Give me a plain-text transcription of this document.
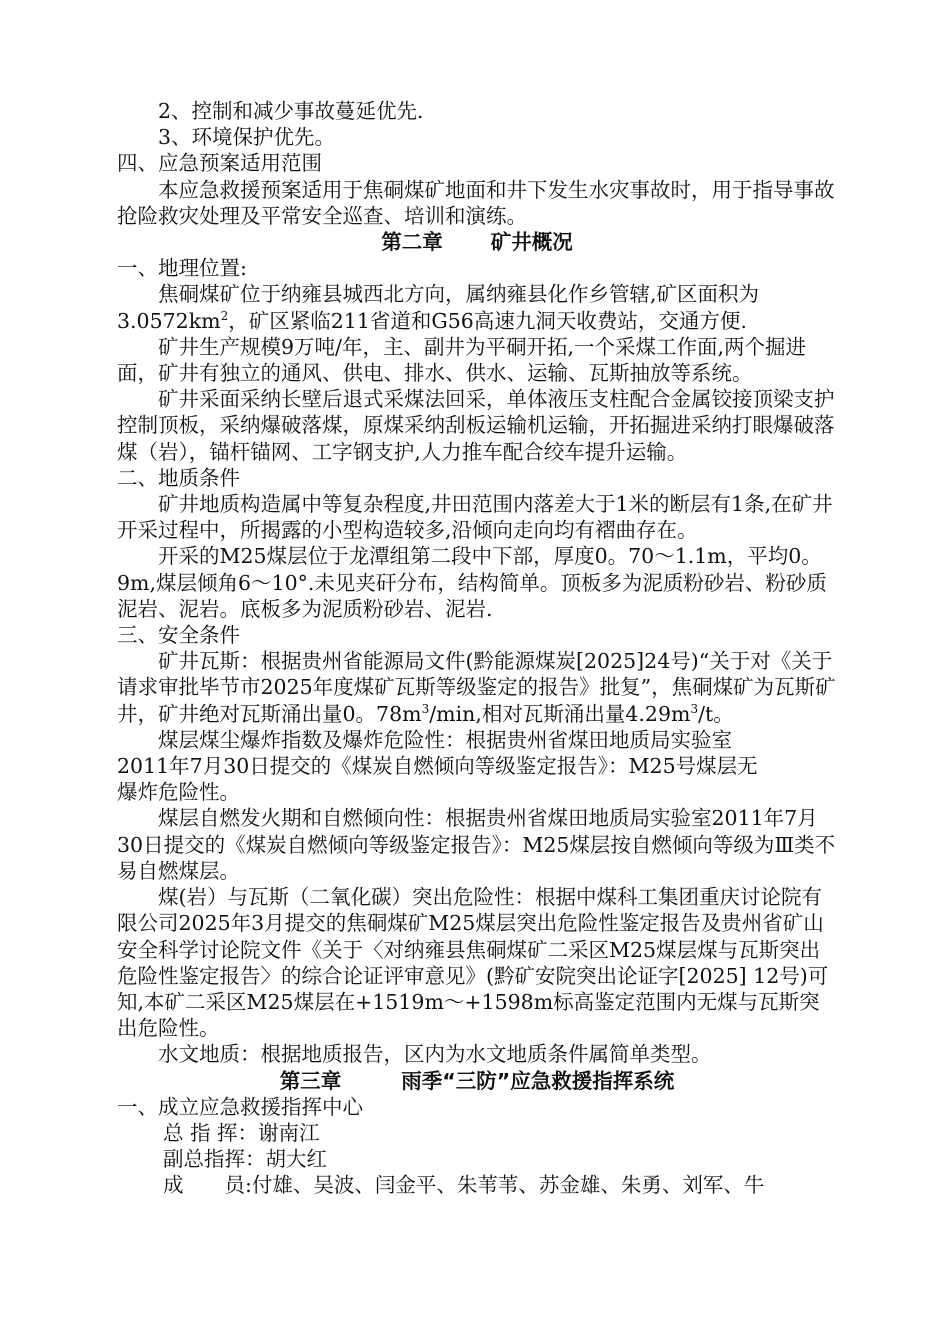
2、控制和减少事故蔓延优先.

3、环境保护优先。

四、应急预案适用范围

本应急救援预案适用于焦硐煤矿地面和井下发生水灾事故时，用于指导事故抢险救灾处理及平常安全巡查、培训和演练。

第二章 矿井概况

一、地理位置:

焦硐煤矿位于纳雍县城西北方向，属纳雍县化作乡管辖,矿区面积为$3.0572km^2$，矿区紧临211省道和G56高速九洞天收费站，交通方便.

矿井生产规模9万吨/年，主、副井为平硐开拓,一个采煤工作面,两个掘进面，矿井有独立的通风、供电、排水、供水、运输、瓦斯抽放等系统。

矿井采面采纳长壁后退式采煤法回采，单体液压支柱配合金属铰接顶梁支护控制顶板，采纳爆破落煤，原煤采纳刮板运输机运输，开拓掘进采纳打眼爆破落煤（岩），锚杆锚网、工字钢支护,人力推车配合绞车提升运输。

二、地质条件

矿井地质构造属中等复杂程度,井田范围内落差大于1米的断层有1条,在矿井开采过程中，所揭露的小型构造较多,沿倾向走向均有褶曲存在。

开采的M25煤层位于龙潭组第二段中下部，厚度0。70～1.1m，平均0。9m,煤层倾角6～10°.未见夹矸分布，结构简单。顶板多为泥质粉砂岩、粉砂质泥岩、泥岩。底板多为泥质粉砂岩、泥岩.

三、安全条件

矿井瓦斯：根据贵州省能源局文件(黔能源煤炭[2025]24号)“关于对《关于请求审批毕节市2025年度煤矿瓦斯等级鉴定的报告》批复”，焦硐煤矿为瓦斯矿井，矿井绝对瓦斯涌出量0。$78m^3/\min$,相对瓦斯涌出量$4.29m^3/t$。

煤层煤尘爆炸指数及爆炸危险性：根据贵州省煤田地质局实验室

2011年7月30日提交的《煤炭自燃倾向等级鉴定报告》：M25号煤层无

爆炸危险性。

煤层自燃发火期和自燃倾向性：根据贵州省煤田地质局实验室2011年7月30日提交的《煤炭自燃倾向等级鉴定报告》：M25煤层按自燃倾向等级为Ⅲ类不易自燃煤层。

煤(岩）与瓦斯（二氧化碳）突出危险性：根据中煤科工集团重庆讨论院有限公司2025年3月提交的焦硐煤矿M25煤层突出危险性鉴定报告及贵州省矿山安全科学讨论院文件《关于〈对纳雍县焦硐煤矿二采区M25煤层煤与瓦斯突出危险性鉴定报告〉的综合论证评审意见》(黔矿安院突出论证字[2025] 12号)可知,本矿二采区M25煤层在+1519m～+1598m标高鉴定范围内无煤与瓦斯突出危险性。

水文地质：根据地质报告，区内为水文地质条件属简单类型。

第三章	雨季“三防”应急救援指挥系统

一、成立应急救援指挥中心

总 指 挥：谢南江

副总指挥：胡大红

成　　员:付雄、吴波、闫金平、朱苇苇、苏金雄、朱勇、刘军、牛
